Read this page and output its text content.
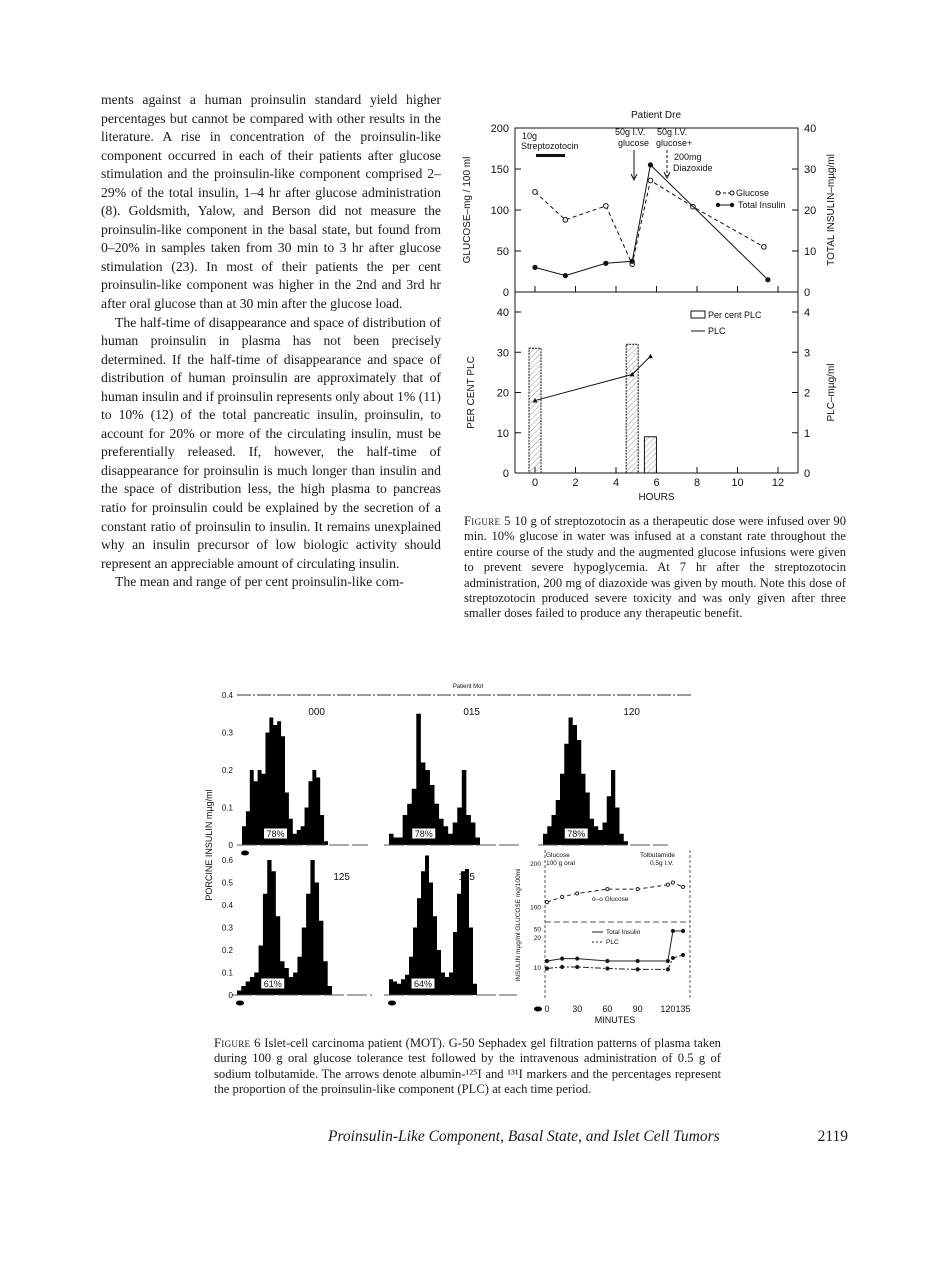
ments against a human proinsulin standard yield higher percentages but cannot be compared with other results in the literature. A rise in concentration of the proinsulin-like component occurred in each of their patients after glucose stimulation and the proinsulin-like component comprised 2–29% of the total insulin, 1–4 hr after glucose administration (8). Goldsmith, Yalow, and Berson did not measure the proinsulin-like component in the basal state, but found from 0–20% in samples taken from 30 min to 3 hr after glucose stimulation (23). In most of their patients the per cent proinsulin-like component was higher in the 2nd and 3rd hr after oral glucose than at 30 min after the glucose load.

The half-time of disappearance and space of distribution of human proinsulin in plasma has not been precisely determined. If the half-time of disappearance and space of distribution of human proinsulin are approximately that of human insulin and if proinsulin represents only about 1% (11) to 10% (12) of the total pancreatic insulin, proinsulin, to account for 20% or more of the circulating insulin, must be preferentially released. If, however, the half-time of disappearance for proinsulin is much longer than insulin and the space of distribution less, the high plasma to pancreas ratio for proinsulin could be explained by the secretion of a constant ratio of proinsulin to insulin. It remains unexplained why an insulin precursor of low biologic activity should represent an appreciable amount of circulating insulin.

The mean and range of per cent proinsulin-like com-

Patient Dre
0
50
100
150
200
0
10
20
30
40
GLUCOSE–mg / 100 ml	TOTAL INSULIN–mµg/ml
10g
Streptozotocin
50g I.V.
glucose
50g I.V.
glucose+
200mg
Diazoxide
Glucose
Total Insulin
0
10
20
30
40
0
1
2
3
4
0	2	4	6	8	10	12
HOURS
PER CENT PLC	PLC–mµg/ml
Per cent PLC
PLC
Figure 5 10 g of streptozotocin as a therapeutic dose were infused over 90 min. 10% glucose in water was infused at a constant rate throughout the entire course of the study and the augmented glucose infusions were given to prevent severe hypoglycemia. At 7 hr after the streptozotocin administration, 200 mg of diazoxide was given by mouth. Note this dose of streptozotocin produced severe toxicity and was only given after three smaller doses failed to produce any therapeutic benefit.
Patient Mot
000
78%
0
0.1
0.2
0.3
0.4
015
78%
120
78%
125
61%
0
0.1
0.2
0.3
0.4
0.5
0.6
135
64%
PORCINE INSULIN mµg/ml
0	30 60 90 120 135
MINUTES
INSULIN mµg/ml GLUCOSE mg/100ml 50
100
200
10
20
Glucose
100 g oral
Tolbutamide
0.5g I.V.
o–o Glucose
Total Insulin
PLC
Figure 6 Islet-cell carcinoma patient (MOT). G-50 Sephadex gel filtration patterns of plasma taken during 100 g oral glucose tolerance test followed by the intravenous administration of 0.5 g of sodium tolbutamide. The arrows denote albumin-¹²⁵I and ¹³¹I markers and the percentages represent the proportion of the proinsulin-like component (PLC) at each time period.
Proinsulin-Like Component, Basal State, and Islet Cell Tumors	2119
